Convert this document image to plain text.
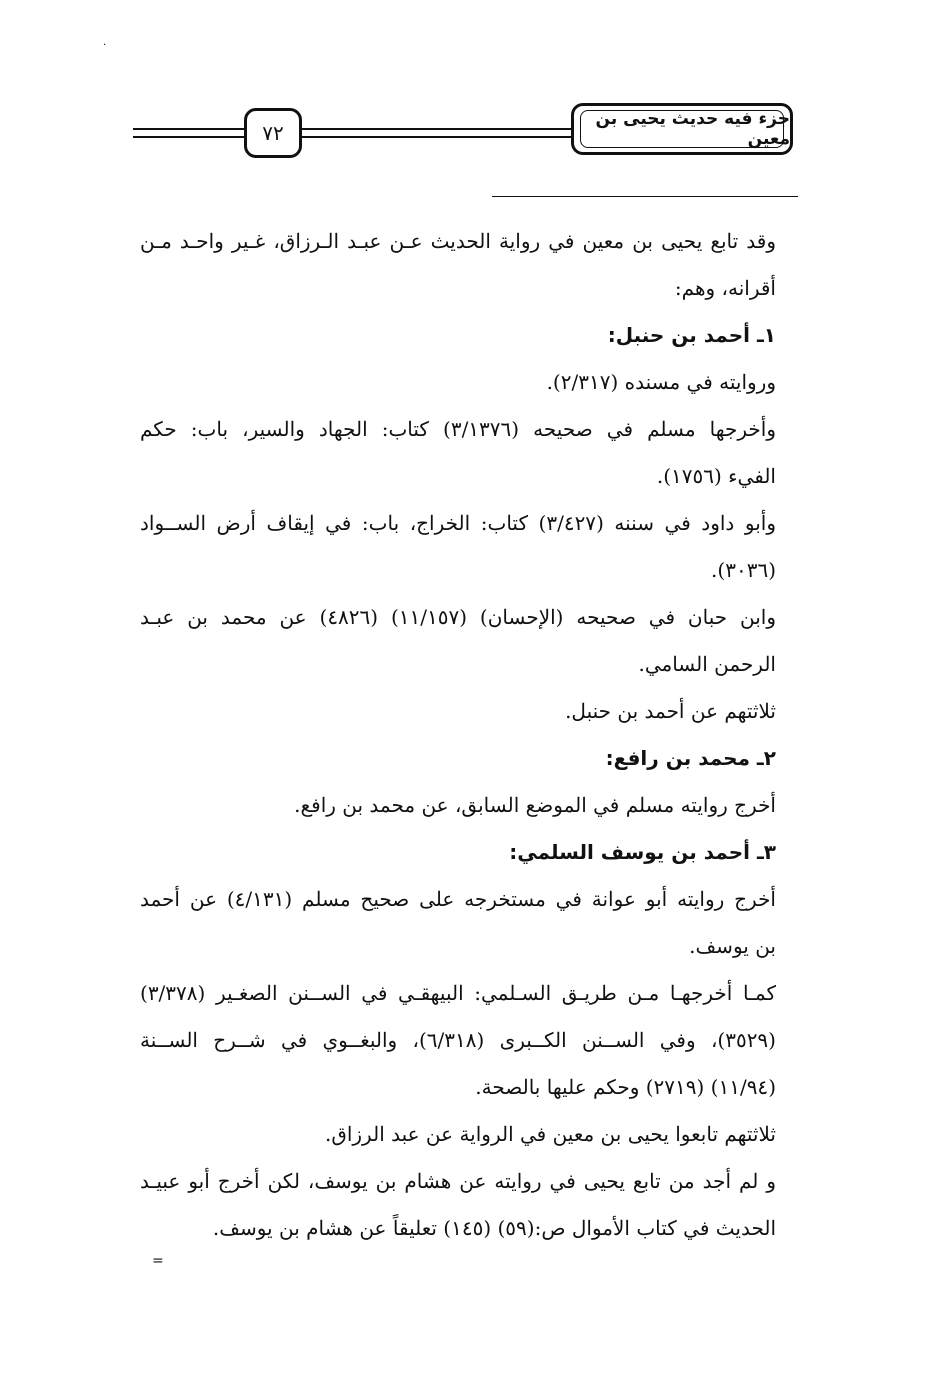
٧٢
جزء فيه حديث يحيى بن معين
·
وقد تابع يحيى بن معين في رواية الحديث عـن عبـد الـرزاق، غـير واحـد مـن
أقرانه، وهم:
١ـ أحمد بن حنبل:
وروايته في مسنده (٢/٣١٧).
وأخرجها مسلم في صحيحه (٣/١٣٧٦) كتاب: الجهاد والسير، باب: حكم
الفيء (١٧٥٦).
وأبو داود في سننه (٣/٤٢٧) كتاب: الخراج، باب: في إيقاف أرض الســواد
(٣٠٣٦).
وابن حبان في صحيحه (الإحسان) (١١/١٥٧) (٤٨٢٦) عن محمد بن عبـد
الرحمن السامي.
ثلاثتهم عن أحمد بن حنبل.
٢ـ محمد بن رافع:
أخرج روايته مسلم في الموضع السابق، عن محمد بن رافع.
٣ـ أحمد بن يوسف السلمي:
أخرج روايته أبو عوانة في مستخرجه على صحيح مسلم (٤/١٣١) عن أحمد
بن يوسف.
كمـا أخرجهـا مـن طريـق السـلمي: البيهقـي في الســنن الصغـير (٣/٣٧٨)
(٣٥٢٩)، وفي الســنن الكــبرى (٦/٣١٨)، والبغــوي في شــرح الســنة
(١١/٩٤) (٢٧١٩) وحكم عليها بالصحة.
ثلاثتهم تابعوا يحيى بن معين في الرواية عن عبد الرزاق.
و لم أجد من تابع يحيى في روايته عن هشام بن يوسف، لكن أخرج أبو عبيـد
الحديث في كتاب الأموال ص:(٥٩) (١٤٥) تعليقاً عن هشام بن يوسف.
=
